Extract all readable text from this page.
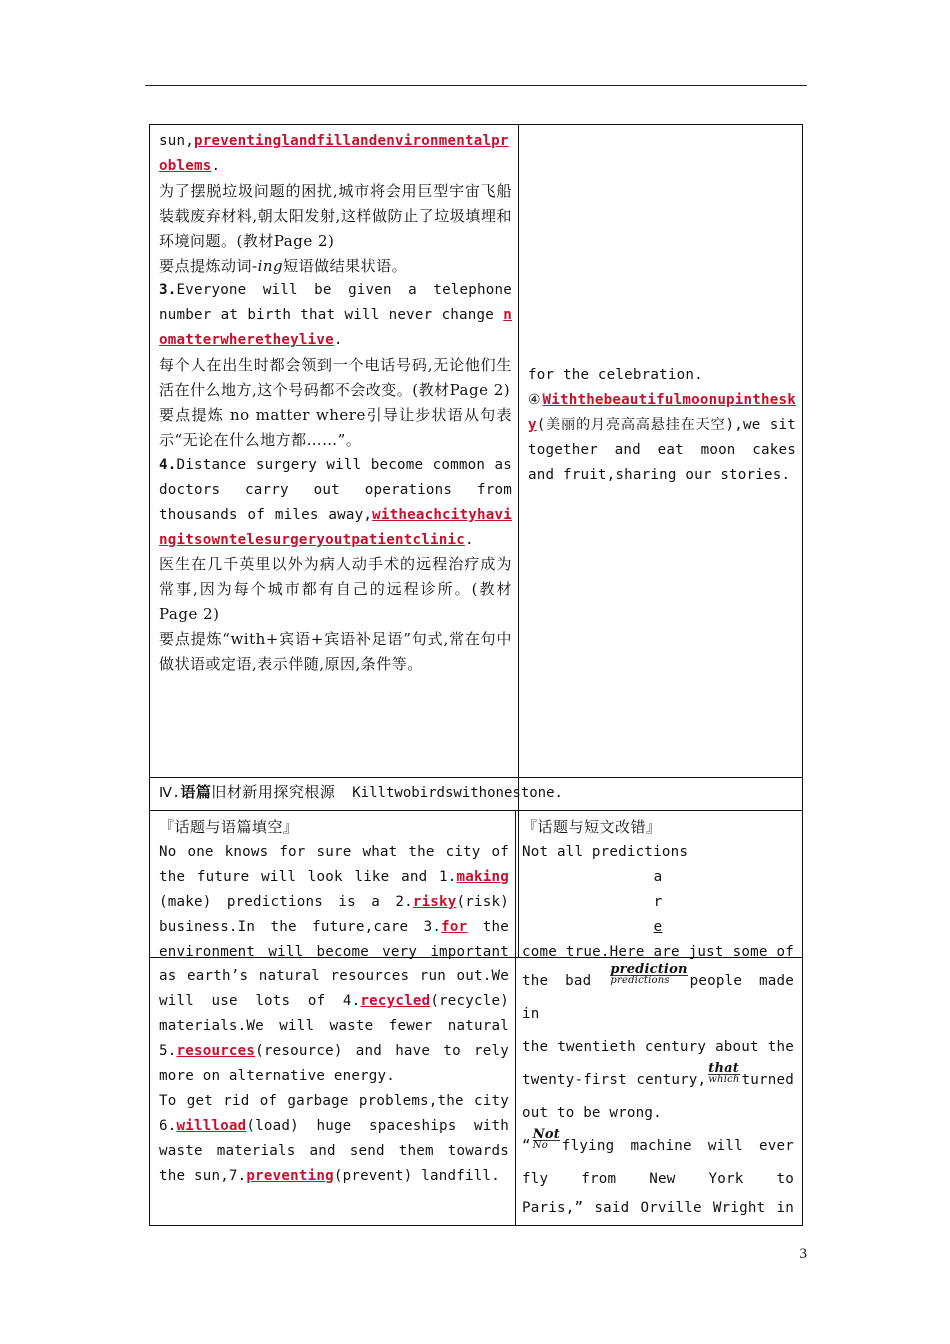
sun,preventinglandfillandenvironmentalproblems.

为了摆脱垃圾问题的困扰,城市将会用巨型宇宙飞船装载废弃材料,朝太阳发射,这样做防止了垃圾填埋和环境问题。(教材Page 2)

要点提炼动词-ing短语做结果状语。

3.Everyone will be given a telephone number at birth that will never change nomatterwheretheylive.

每个人在出生时都会领到一个电话号码,无论他们生活在什么地方,这个号码都不会改变。(教材Page 2)

要点提炼 no matter where引导让步状语从句表示“无论在什么地方都……”。

4.Distance surgery will become common as doctors carry out operations from thousands of miles away,witheachcityhavingitsowntelesurgeryoutpatientclinic.

医生在几千英里以外为病人动手术的远程治疗成为常事,因为每个城市都有自己的远程诊所。(教材Page 2)

要点提炼“with+宾语+宾语补足语”句式,常在句中做状语或定语,表示伴随,原因,条件等。

for the celebration.

④Withthebeautifulmoonupinthesky(美丽的月亮高高悬挂在天空),we sit together and eat moon cakes and fruit,sharing our stories.

Ⅳ.语篇旧材新用探究根源 Killtwobirdswithonestone.

『话题与语篇填空』

No one knows for sure what the city of the future will look like and 1.making(make) predictions is a 2.risky(risk) business.In the future,care 3.for the environment will become very important as earth’s natural resources run out.We will use lots of 4.recycled(recycle) materials.We will waste fewer natural 5.resources(resource) and have to rely more on alternative energy.

To get rid of garbage problems,the city 6.willload(load) huge spaceships with waste materials and send them towards the sun,7.preventing(prevent) landfill.

『话题与短文改错』

Not all predictions

a

r

e

come true.Here are just some of

the bad
prediction
predictions	people made in

the twentieth century about the

twenty-first century,
that
which turned

out to be wrong.

“
Not
No flying machine will ever

fly from New York to

Paris,” said Orville Wright in

3
